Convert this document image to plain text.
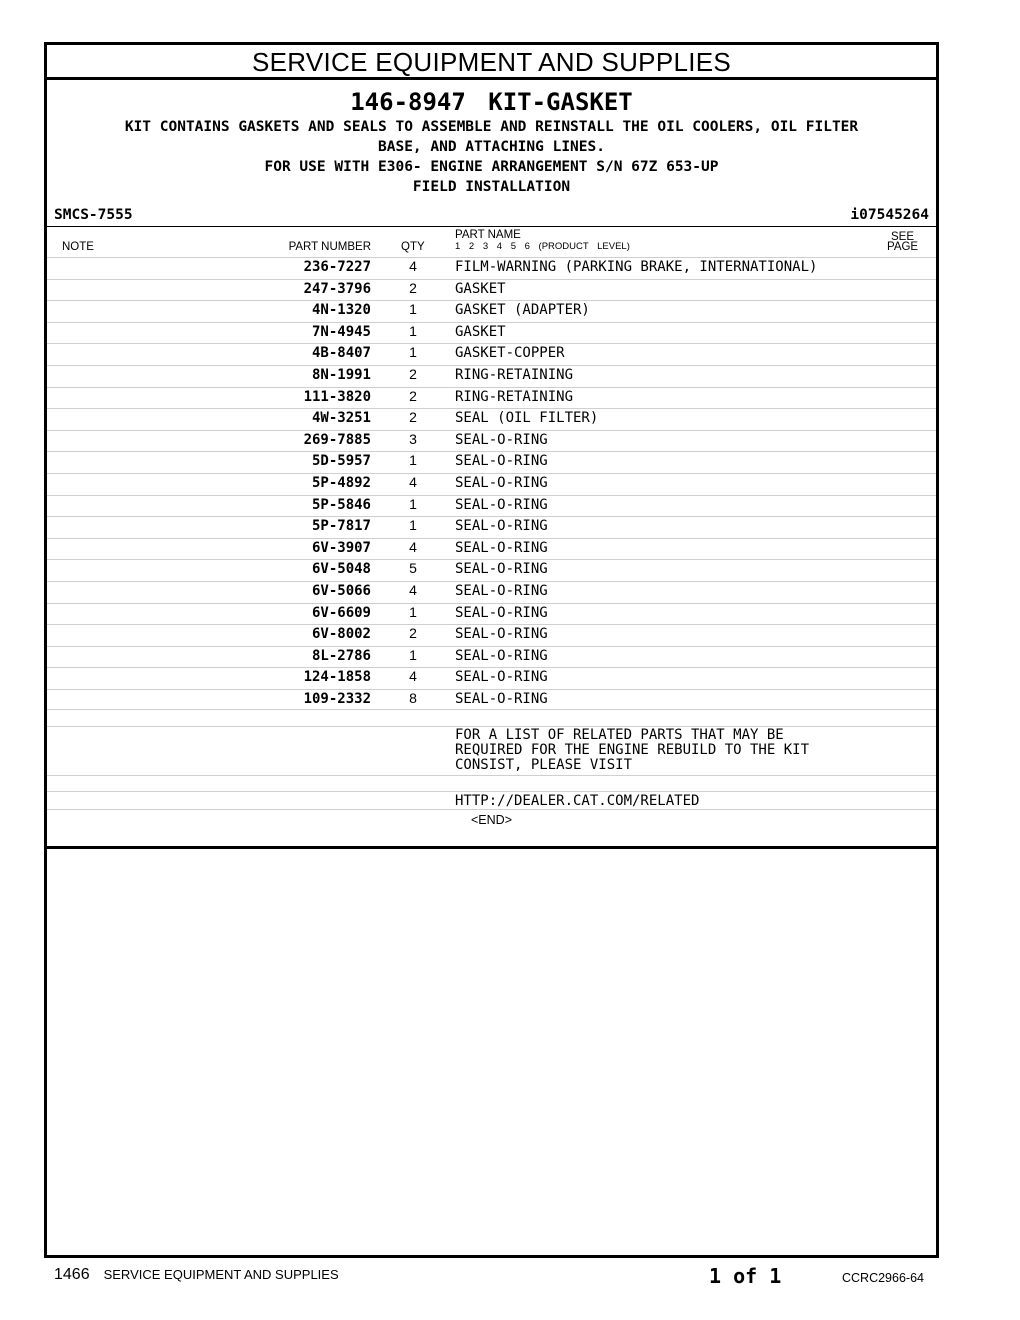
SERVICE EQUIPMENT AND SUPPLIES
146-8947 KIT-GASKET
KIT CONTAINS GASKETS AND SEALS TO ASSEMBLE AND REINSTALL THE OIL COOLERS, OIL FILTER
BASE, AND ATTACHING LINES.
FOR USE WITH E306- ENGINE ARRANGEMENT S/N 67Z 653-UP
FIELD INSTALLATION
SMCS-7555	i07545264
NOTE	PART NUMBER	QTY
PART NAME
1 2 3 4 5 6 (PRODUCT LEVEL)
SEE
PAGE
236-7227	4	FILM-WARNING (PARKING BRAKE, INTERNATIONAL)
247-3796	2	GASKET
4N-1320	1	GASKET (ADAPTER)
7N-4945	1	GASKET
4B-8407	1	GASKET-COPPER
8N-1991	2	RING-RETAINING
111-3820	2	RING-RETAINING
4W-3251	2	SEAL (OIL FILTER)
269-7885	3	SEAL-O-RING
5D-5957	1	SEAL-O-RING
5P-4892	4	SEAL-O-RING
5P-5846	1	SEAL-O-RING
5P-7817	1	SEAL-O-RING
6V-3907	4	SEAL-O-RING
6V-5048	5	SEAL-O-RING
6V-5066	4	SEAL-O-RING
6V-6609	1	SEAL-O-RING
6V-8002	2	SEAL-O-RING
8L-2786	1	SEAL-O-RING
124-1858	4	SEAL-O-RING
109-2332	8	SEAL-O-RING
FOR A LIST OF RELATED PARTS THAT MAY BE
REQUIRED FOR THE ENGINE REBUILD TO THE KIT
CONSIST, PLEASE VISIT
HTTP://DEALER.CAT.COM/RELATED
<END>
1466 SERVICE EQUIPMENT AND SUPPLIES	1 of 1	CCRC2966-64
